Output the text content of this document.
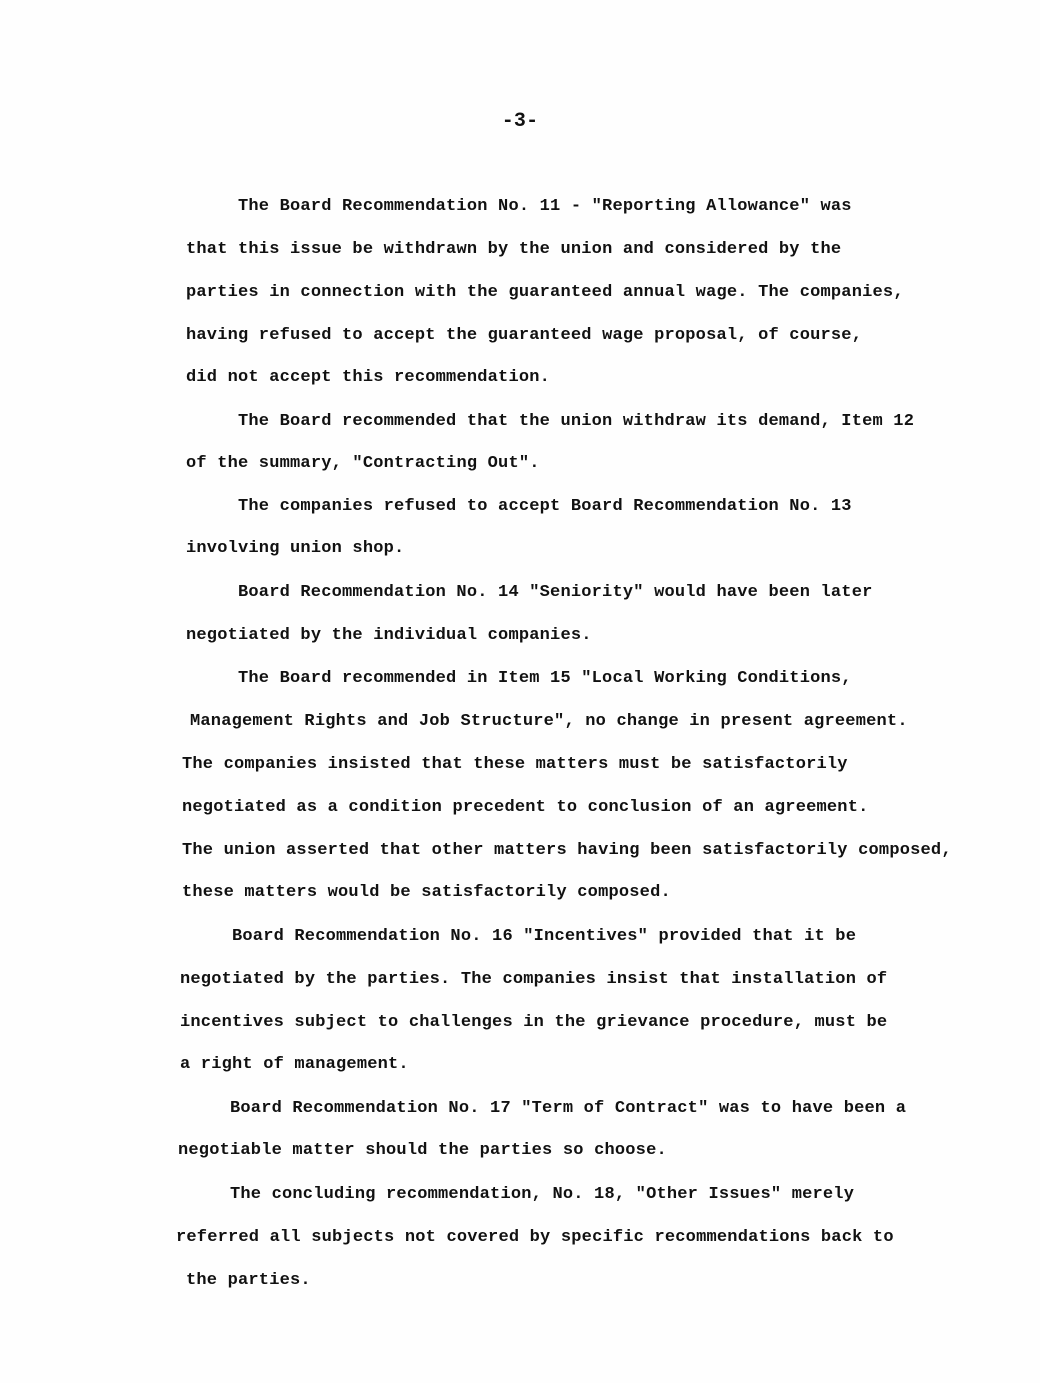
-3-
The Board Recommendation No. 11 - "Reporting Allowance" was
that this issue be withdrawn by the union and considered by the
parties in connection with the guaranteed annual wage. The companies,
having refused to accept the guaranteed wage proposal, of course,
did not accept this recommendation.
The Board recommended that the union withdraw its demand, Item 12
of the summary, "Contracting Out".
The companies refused to accept Board Recommendation No. 13
involving union shop.
Board Recommendation No. 14 "Seniority" would have been later
negotiated by the individual companies.
The Board recommended in Item 15 "Local Working Conditions,
Management Rights and Job Structure", no change in present agreement.
The companies insisted that these matters must be satisfactorily
negotiated as a condition precedent to conclusion of an agreement.
The union asserted that other matters having been satisfactorily composed,
these matters would be satisfactorily composed.
Board Recommendation No. 16 "Incentives" provided that it be
negotiated by the parties. The companies insist that installation of
incentives subject to challenges in the grievance procedure, must be
a right of management.
Board Recommendation No. 17 "Term of Contract" was to have been a
negotiable matter should the parties so choose.
The concluding recommendation, No. 18, "Other Issues" merely
referred all subjects not covered by specific recommendations back to
the parties.
